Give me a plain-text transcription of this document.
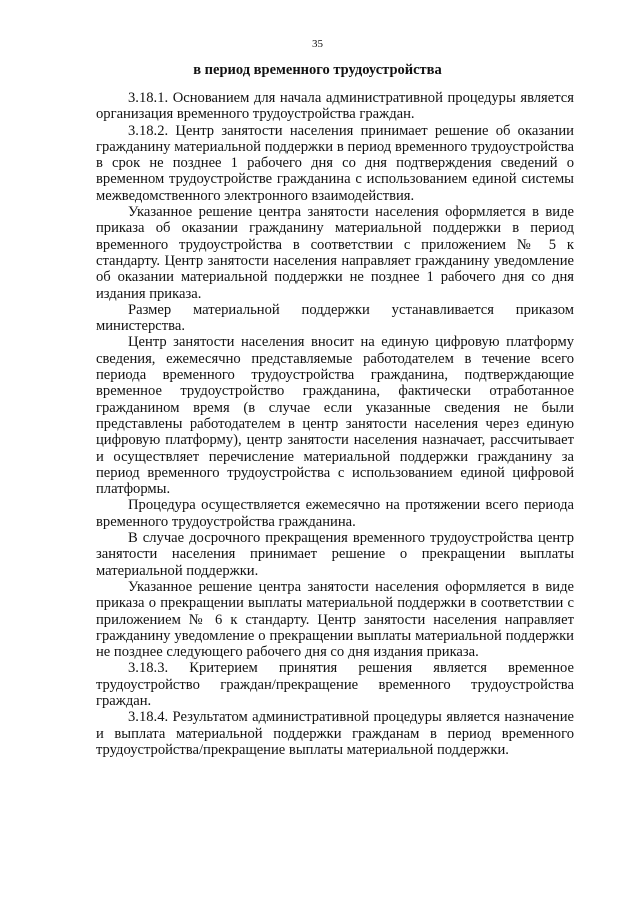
35
в период временного трудоустройства

3.18.1. Основанием для начала административной процедуры является организация временного трудоустройства граждан.

3.18.2. Центр занятости населения принимает решение об оказании гражданину материальной поддержки в период временного трудоустройства в срок не позднее 1 рабочего дня со дня подтверждения сведений о временном трудоустройстве гражданина с использованием единой системы межведомственного электронного взаимодействия.

Указанное решение центра занятости населения оформляется в виде приказа об оказании гражданину материальной поддержки в период временного трудоустройства в соответствии с приложением № 5 к стандарту. Центр занятости населения направляет гражданину уведомление об оказании материальной поддержки не позднее 1 рабочего дня со дня издания приказа.

Размер материальной поддержки устанавливается приказом министерства.

Центр занятости населения вносит на единую цифровую платформу сведения, ежемесячно представляемые работодателем в течение всего периода временного трудоустройства гражданина, подтверждающие временное трудоустройство гражданина, фактически отработанное гражданином время (в случае если указанные сведения не были представлены работодателем в центр занятости населения через единую цифровую платформу), центр занятости населения назначает, рассчитывает и осуществляет перечисление материальной поддержки гражданину за период временного трудоустройства с использованием единой цифровой платформы.

Процедура осуществляется ежемесячно на протяжении всего периода временного трудоустройства гражданина.

В случае досрочного прекращения временного трудоустройства центр занятости населения принимает решение о прекращении выплаты материальной поддержки.

Указанное решение центра занятости населения оформляется в виде приказа о прекращении выплаты материальной поддержки в соответствии с приложением № 6 к стандарту. Центр занятости населения направляет гражданину уведомление о прекращении выплаты материальной поддержки не позднее следующего рабочего дня со дня издания приказа.

3.18.3. Критерием принятия решения является временное трудоустройство граждан/прекращение временного трудоустройства граждан.

3.18.4. Результатом административной процедуры является назначение и выплата материальной поддержки гражданам в период временного трудоустройства/прекращение выплаты материальной поддержки.
